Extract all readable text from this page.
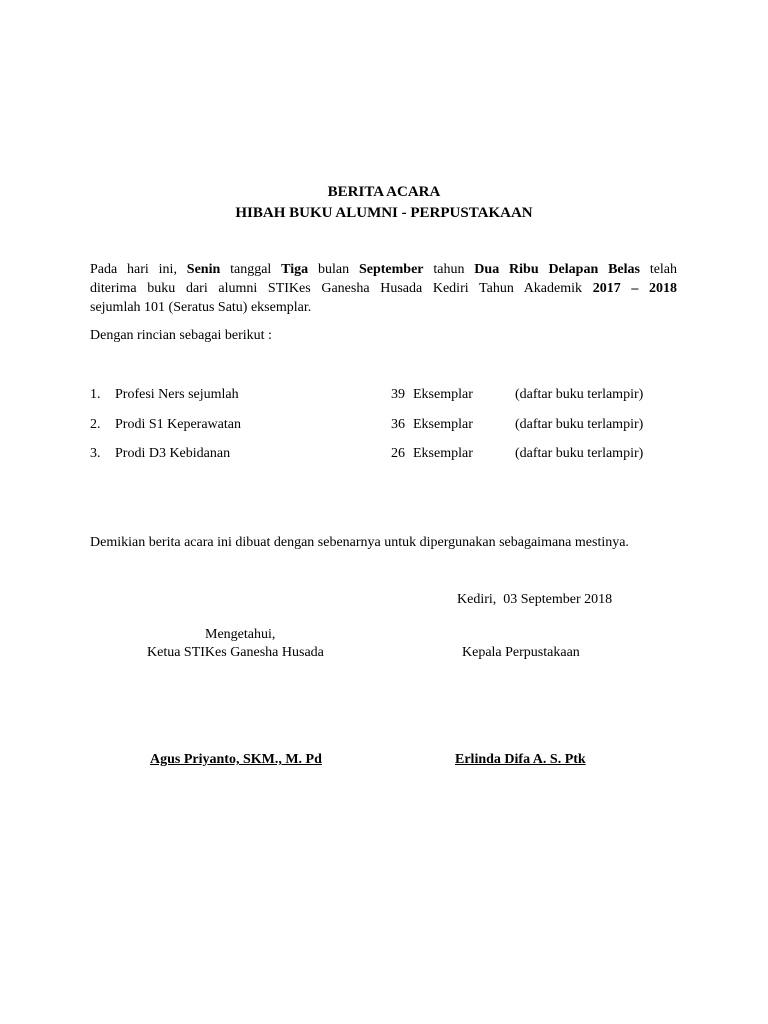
BERITA ACARA
HIBAH BUKU ALUMNI - PERPUSTAKAAN
Pada hari ini, Senin tanggal Tiga bulan September tahun Dua Ribu Delapan Belas telah
diterima buku dari alumni STIKes Ganesha Husada Kediri Tahun Akademik 2017 – 2018
sejumlah 101 (Seratus Satu) eksemplar.
Dengan rincian sebagai berikut :
1. Profesi Ners sejumlah	39 Eksemplar	(daftar buku terlampir)
2. Prodi S1 Keperawatan	36 Eksemplar	(daftar buku terlampir)
3. Prodi D3 Kebidanan	26 Eksemplar	(daftar buku terlampir)
Demikian berita acara ini dibuat dengan sebenarnya untuk dipergunakan sebagaimana mestinya.
Kediri,  03 September 2018
Mengetahui,
Ketua STIKes Ganesha Husada	Kepala Perpustakaan
Agus Priyanto, SKM., M. Pd	Erlinda Difa A. S. Ptk
